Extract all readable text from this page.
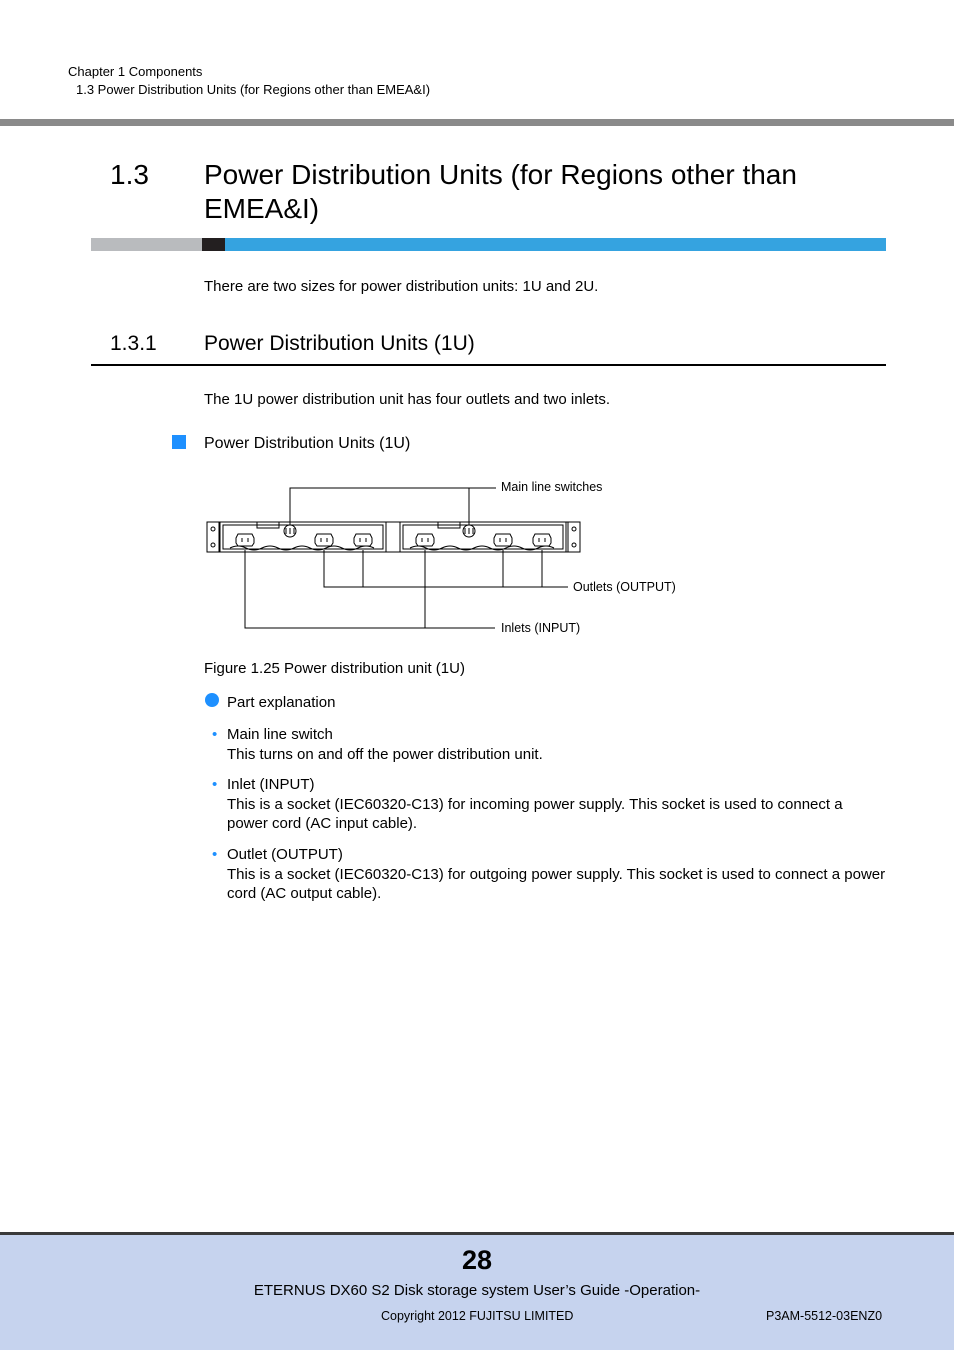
Chapter 1 Components
1.3 Power Distribution Units (for Regions other than EMEA&I)
1.3 Power Distribution Units (for Regions other than EMEA&I)
There are two sizes for power distribution units: 1U and 2U.
1.3.1 Power Distribution Units (1U)
The 1U power distribution unit has four outlets and two inlets.
Power Distribution Units (1U)
Main line switches
Outlets (OUTPUT)
Inlets (INPUT)
Figure 1.25 Power distribution unit (1U)
Part explanation
• Main line switch
This turns on and off the power distribution unit.
• Inlet (INPUT)
This is a socket (IEC60320-C13) for incoming power supply. This socket is used to connect a power cord (AC input cable).
• Outlet (OUTPUT)
This is a socket (IEC60320-C13) for outgoing power supply. This socket is used to connect a power cord (AC output cable).
28
ETERNUS DX60 S2 Disk storage system User’s Guide -Operation-
Copyright 2012 FUJITSU LIMITED	P3AM-5512-03ENZ0
